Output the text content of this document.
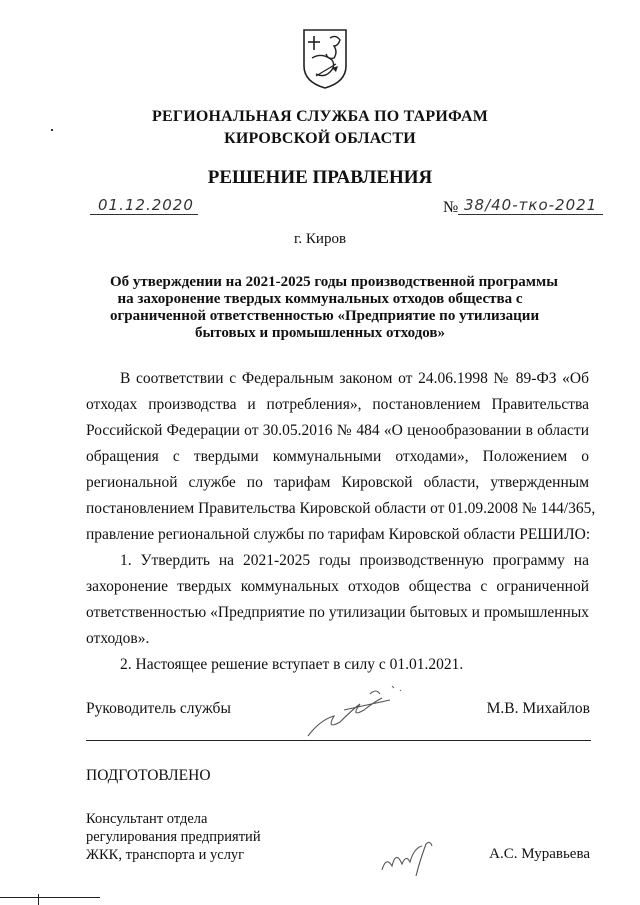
РЕГИОНАЛЬНАЯ СЛУЖБА ПО ТАРИФАМ
КИРОВСКОЙ ОБЛАСТИ
РЕШЕНИЕ ПРАВЛЕНИЯ
01.12.2020	№ 38/40-тко-2021
г. Киров
Об утверждении на 2021-2025 годы производственной программы
на захоронение твердых коммунальных отходов общества с
ограниченной ответственностью «Предприятие по утилизации
бытовых и промышленных отходов»
В соответствии с Федеральным законом от 24.06.1998 № 89-ФЗ «Об
отходах производства и потребления», постановлением Правительства
Российской Федерации от 30.05.2016 № 484 «О ценообразовании в области
обращения с твердыми коммунальными отходами», Положением о
региональной службе по тарифам Кировской области, утвержденным
постановлением Правительства Кировской области от 01.09.2008 № 144/365,
правление региональной службы по тарифам Кировской области РЕШИЛО:
1. Утвердить на 2021-2025 годы производственную программу на
захоронение твердых коммунальных отходов общества с ограниченной
ответственностью «Предприятие по утилизации бытовых и промышленных
отходов».
2. Настоящее решение вступает в силу с 01.01.2021.
Руководитель службы	М.В. Михайлов
ПОДГОТОВЛЕНО
Консультант отдела
регулирования предприятий
ЖКК, транспорта и услуг	А.С. Муравьева
